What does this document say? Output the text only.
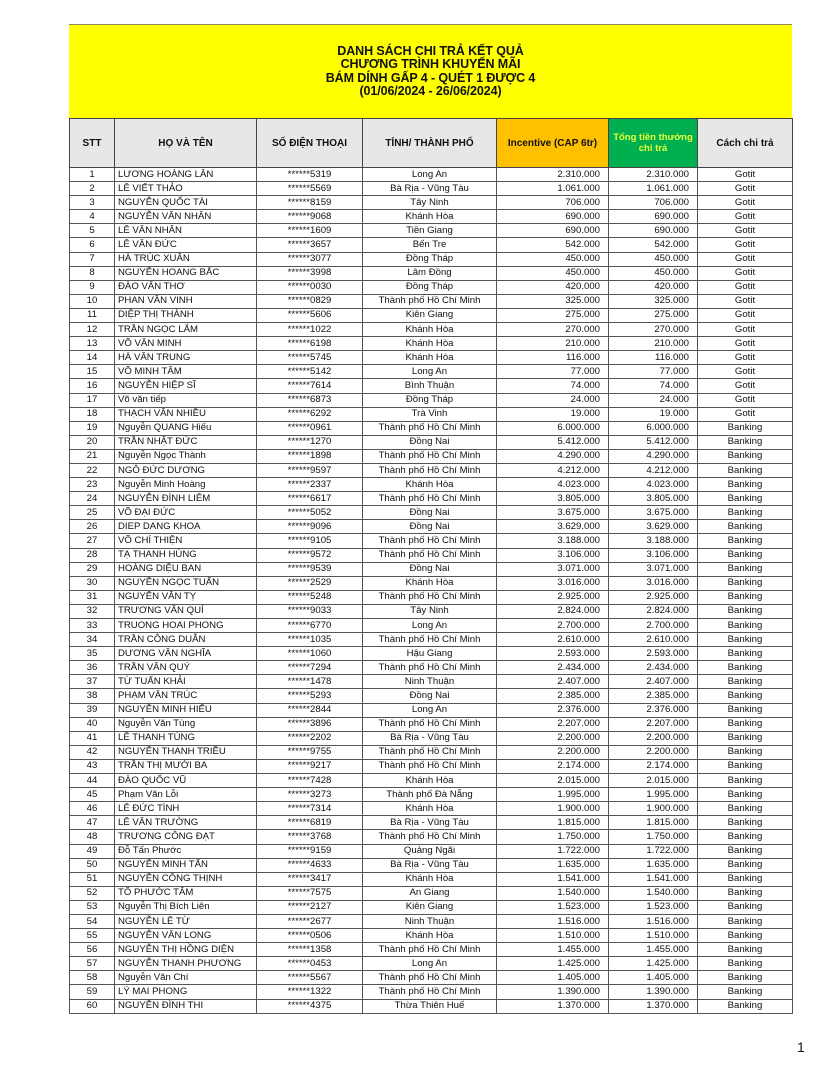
DANH SÁCH CHI TRẢ KẾT QUẢ
CHƯƠNG TRÌNH KHUYẾN MÃI
BÁM DÍNH GẤP 4 - QUÉT 1 ĐƯỢC 4
(01/06/2024 - 26/06/2024)
STT	HỌ VÀ TÊN	SỐ ĐIỆN THOẠI	TỈNH/ THÀNH PHỐ	Incentive (CAP 6tr)	Tổng tiền thưởng chi trả	Cách chi trả
1	LƯƠNG HOÀNG LÂN	******5319	Long An	2.310.000	2.310.000	Gotit
2	LÊ VIẾT THẢO	******5569	Bà Rịa - Vũng Tàu	1.061.000	1.061.000	Gotit
3	NGUYỄN QUỐC TÀI	******8159	Tây Ninh	706.000	706.000	Gotit
4	NGUYỄN VĂN NHÂN	******9068	Khánh Hòa	690.000	690.000	Gotit
5	LÊ VĂN NHÂN	******1609	Tiền Giang	690.000	690.000	Gotit
6	LÊ VĂN ĐỨC	******3657	Bến Tre	542.000	542.000	Gotit
7	HÀ TRÚC XUÂN	******3077	Đồng Tháp	450.000	450.000	Gotit
8	NGUYỄN HOANG BẮC	******3998	Lâm Đồng	450.000	450.000	Gotit
9	ĐÀO VĂN THƠ	******0030	Đồng Tháp	420.000	420.000	Gotit
10	PHAN VĂN VINH	******0829	Thành phố Hồ Chí Minh	325.000	325.000	Gotit
11	DIỆP THỊ THÀNH	******5606	Kiên Giang	275.000	275.000	Gotit
12	TRẦN NGỌC LẮM	******1022	Khánh Hòa	270.000	270.000	Gotit
13	VÕ VĂN MINH	******6198	Khánh Hòa	210.000	210.000	Gotit
14	HÀ VĂN TRUNG	******5745	Khánh Hòa	116.000	116.000	Gotit
15	VÕ MINH TÂM	******5142	Long An	77.000	77.000	Gotit
16	NGUYỄN HIỆP SĨ	******7614	Bình Thuận	74.000	74.000	Gotit
17	Võ văn tiếp	******6873	Đồng Tháp	24.000	24.000	Gotit
18	THẠCH VĂN NHIỀU	******6292	Trà Vinh	19.000	19.000	Gotit
19	Nguyễn QUANG Hiếu	******0961	Thành phố Hồ Chí Minh	6.000.000	6.000.000	Banking
20	TRẦN NHẬT ĐỨC	******1270	Đồng Nai	5.412.000	5.412.000	Banking
21	Nguyễn Ngọc Thành	******1898	Thành phố Hồ Chí Minh	4.290.000	4.290.000	Banking
22	NGÔ ĐỨC DƯƠNG	******9597	Thành phố Hồ Chí Minh	4.212.000	4.212.000	Banking
23	Nguyễn Minh Hoàng	******2337	Khánh Hòa	4.023.000	4.023.000	Banking
24	NGUYỄN ĐÌNH LIÊM	******6617	Thành phố Hồ Chí Minh	3.805.000	3.805.000	Banking
25	VÕ ĐẠI ĐỨC	******5052	Đồng Nai	3.675.000	3.675.000	Banking
26	DIEP DANG KHOA	******9096	Đồng Nai	3.629.000	3.629.000	Banking
27	VÕ CHÍ THIỆN	******9105	Thành phố Hồ Chí Minh	3.188.000	3.188.000	Banking
28	TẠ THANH HÙNG	******9572	Thành phố Hồ Chí Minh	3.106.000	3.106.000	Banking
29	HOÀNG DIỆU BAN	******9539	Đồng Nai	3.071.000	3.071.000	Banking
30	NGUYỄN NGỌC TUẤN	******2529	Khánh Hòa	3.016.000	3.016.000	Banking
31	NGUYỄN VĂN TỴ	******5248	Thành phố Hồ Chí Minh	2.925.000	2.925.000	Banking
32	TRƯƠNG VĂN QUÍ	******9033	Tây Ninh	2.824.000	2.824.000	Banking
33	TRUONG HOAI PHONG	******6770	Long An	2.700.000	2.700.000	Banking
34	TRẦN CÔNG DUẪN	******1035	Thành phố Hồ Chí Minh	2.610.000	2.610.000	Banking
35	DƯƠNG VĂN NGHĨA	******1060	Hậu Giang	2.593.000	2.593.000	Banking
36	TRẦN VĂN QUÝ	******7294	Thành phố Hồ Chí Minh	2.434.000	2.434.000	Banking
37	TỪ TUẤN KHẢI	******1478	Ninh Thuận	2.407.000	2.407.000	Banking
38	PHẠM VĂN TRÚC	******5293	Đồng Nai	2.385.000	2.385.000	Banking
39	NGUYỄN MINH HIẾU	******2844	Long An	2.376.000	2.376.000	Banking
40	Nguyễn Văn Tùng	******3896	Thành phố Hồ Chí Minh	2.207.000	2.207.000	Banking
41	LÊ THANH TÙNG	******2202	Bà Rịa - Vũng Tàu	2.200.000	2.200.000	Banking
42	NGUYỄN THANH TRIỀU	******9755	Thành phố Hồ Chí Minh	2.200.000	2.200.000	Banking
43	TRẦN THỊ MƯỜI BA	******9217	Thành phố Hồ Chí Minh	2.174.000	2.174.000	Banking
44	ĐÀO QUỐC VŨ	******7428	Khánh Hòa	2.015.000	2.015.000	Banking
45	Phạm Văn Lỗi	******3273	Thành phố Đà Nẵng	1.995.000	1.995.000	Banking
46	LÊ ĐỨC TÌNH	******7314	Khánh Hòa	1.900.000	1.900.000	Banking
47	LÊ VĂN TRƯỜNG	******6819	Bà Rịa - Vũng Tàu	1.815.000	1.815.000	Banking
48	TRƯƠNG CÔNG ĐẠT	******3768	Thành phố Hồ Chí Minh	1.750.000	1.750.000	Banking
49	Đỗ Tấn Phước	******9159	Quảng Ngãi	1.722.000	1.722.000	Banking
50	NGUYỄN MINH TẤN	******4633	Bà Rịa - Vũng Tàu	1.635.000	1.635.000	Banking
51	NGUYỄN CÔNG THỊNH	******3417	Khánh Hòa	1.541.000	1.541.000	Banking
52	TÔ PHƯỚC TÂM	******7575	An Giang	1.540.000	1.540.000	Banking
53	Nguyễn Thị Bích Liên	******2127	Kiên Giang	1.523.000	1.523.000	Banking
54	NGUYỄN LÊ TỪ	******2677	Ninh Thuận	1.516.000	1.516.000	Banking
55	NGUYỄN VĂN LONG	******0506	Khánh Hòa	1.510.000	1.510.000	Banking
56	NGUYỄN THỊ HỒNG DIỆN	******1358	Thành phố Hồ Chí Minh	1.455.000	1.455.000	Banking
57	NGUYỄN THANH PHƯƠNG	******0453	Long An	1.425.000	1.425.000	Banking
58	Nguyễn Văn Chí	******5567	Thành phố Hồ Chí Minh	1.405.000	1.405.000	Banking
59	LÝ MAI PHONG	******1322	Thành phố Hồ Chí Minh	1.390.000	1.390.000	Banking
60	NGUYỄN ĐÌNH THI	******4375	Thừa Thiên Huế	1.370.000	1.370.000	Banking
1
